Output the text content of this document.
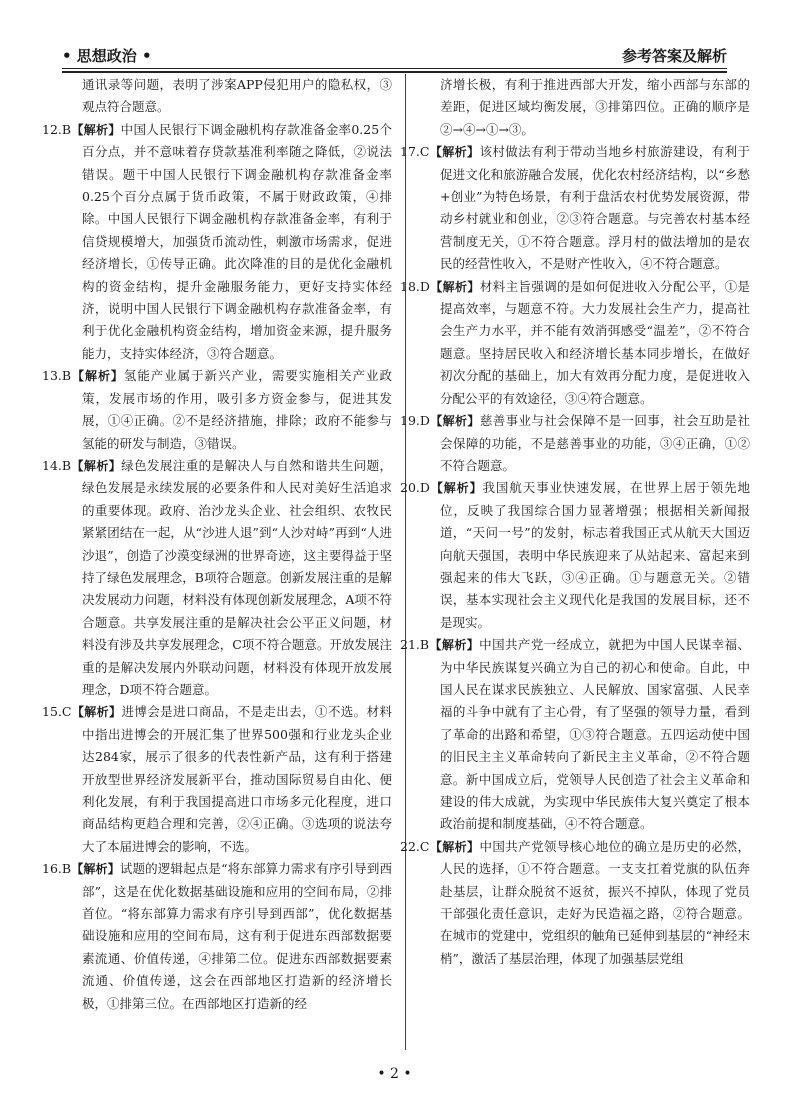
• 思想政治 •	参考答案及解析

通讯录等问题，表明了涉案APP侵犯用户的隐私权，③观点符合题意。

12.B【解析】中国人民银行下调金融机构存款准备金率0.25个百分点，并不意味着存贷款基准利率随之降低，②说法错误。题干中国人民银行下调金融机构存款准备金率0.25个百分点属于货币政策，不属于财政政策，④排除。中国人民银行下调金融机构存款准备金率，有利于信贷规模增大，加强货币流动性，刺激市场需求，促进经济增长，①传导正确。此次降准的目的是优化金融机构的资金结构，提升金融服务能力，更好支持实体经济，说明中国人民银行下调金融机构存款准备金率，有利于优化金融机构资金结构，增加资金来源，提升服务能力，支持实体经济，③符合题意。

13.B【解析】氢能产业属于新兴产业，需要实施相关产业政策，发展市场的作用，吸引多方资金参与，促进其发展，①④正确。②不是经济措施，排除；政府不能参与氢能的研发与制造，③错误。

14.B【解析】绿色发展注重的是解决人与自然和谐共生问题，绿色发展是永续发展的必要条件和人民对美好生活追求的重要体现。政府、治沙龙头企业、社会组织、农牧民紧紧团结在一起，从“沙进人退”到“人沙对峙”再到“人进沙退”，创造了沙漠变绿洲的世界奇迹，这主要得益于坚持了绿色发展理念，B项符合题意。创新发展注重的是解决发展动力问题，材料没有体现创新发展理念，A项不符合题意。共享发展注重的是解决社会公平正义问题，材料没有涉及共享发展理念，C项不符合题意。开放发展注重的是解决发展内外联动问题，材料没有体现开放发展理念，D项不符合题意。

15.C【解析】进博会是进口商品，不是走出去，①不选。材料中指出进博会的开展汇集了世界500强和行业龙头企业达284家，展示了很多的代表性新产品，这有利于搭建开放型世界经济发展新平台，推动国际贸易自由化、便利化发展，有利于我国提高进口市场多元化程度，进口商品结构更趋合理和完善，②④正确。③选项的说法夸大了本届进博会的影响，不选。

16.B【解析】试题的逻辑起点是“将东部算力需求有序引导到西部”，这是在优化数据基础设施和应用的空间布局，②排首位。“将东部算力需求有序引导到西部”，优化数据基础设施和应用的空间布局，这有利于促进东西部数据要素流通、价值传递，④排第二位。促进东西部数据要素流通、价值传递，这会在西部地区打造新的经济增长极，①排第三位。在西部地区打造新的经

济增长极，有利于推进西部大开发，缩小西部与东部的差距，促进区域均衡发展，③排第四位。正确的顺序是②→④→①→③。

17.C【解析】该村做法有利于带动当地乡村旅游建设，有利于促进文化和旅游融合发展，优化农村经济结构，以“乡愁+创业”为特色场景，有利于盘活农村优势发展资源，带动乡村就业和创业，②③符合题意。与完善农村基本经营制度无关，①不符合题意。浮月村的做法增加的是农民的经营性收入，不是财产性收入，④不符合题意。

18.D【解析】材料主旨强调的是如何促进收入分配公平，①是提高效率，与题意不符。大力发展社会生产力，提高社会生产力水平，并不能有效消弭感受“温差”，②不符合题意。坚持居民收入和经济增长基本同步增长，在做好初次分配的基础上，加大有效再分配力度，是促进收入分配公平的有效途径，③④符合题意。

19.D【解析】慈善事业与社会保障不是一回事，社会互助是社会保障的功能，不是慈善事业的功能，③④正确，①②不符合题意。

20.D【解析】我国航天事业快速发展，在世界上居于领先地位，反映了我国综合国力显著增强；根据相关新闻报道，“天问一号”的发射，标志着我国正式从航天大国迈向航天强国，表明中华民族迎来了从站起来、富起来到强起来的伟大飞跃，③④正确。①与题意无关。②错误，基本实现社会主义现代化是我国的发展目标，还不是现实。

21.B【解析】中国共产党一经成立，就把为中国人民谋幸福、为中华民族谋复兴确立为自己的初心和使命。自此，中国人民在谋求民族独立、人民解放、国家富强、人民幸福的斗争中就有了主心骨，有了坚强的领导力量，看到了革命的出路和希望，①③符合题意。五四运动使中国的旧民主主义革命转向了新民主主义革命，②不符合题意。新中国成立后，党领导人民创造了社会主义革命和建设的伟大成就，为实现中华民族伟大复兴奠定了根本政治前提和制度基础，④不符合题意。

22.C【解析】中国共产党领导核心地位的确立是历史的必然，人民的选择，①不符合题意。一支支扛着党旗的队伍奔赴基层，让群众脱贫不返贫，振兴不掉队，体现了党员干部强化责任意识，走好为民造福之路，②符合题意。在城市的党建中，党组织的触角已延伸到基层的“神经末梢”，激活了基层治理，体现了加强基层党组

• 2 •
